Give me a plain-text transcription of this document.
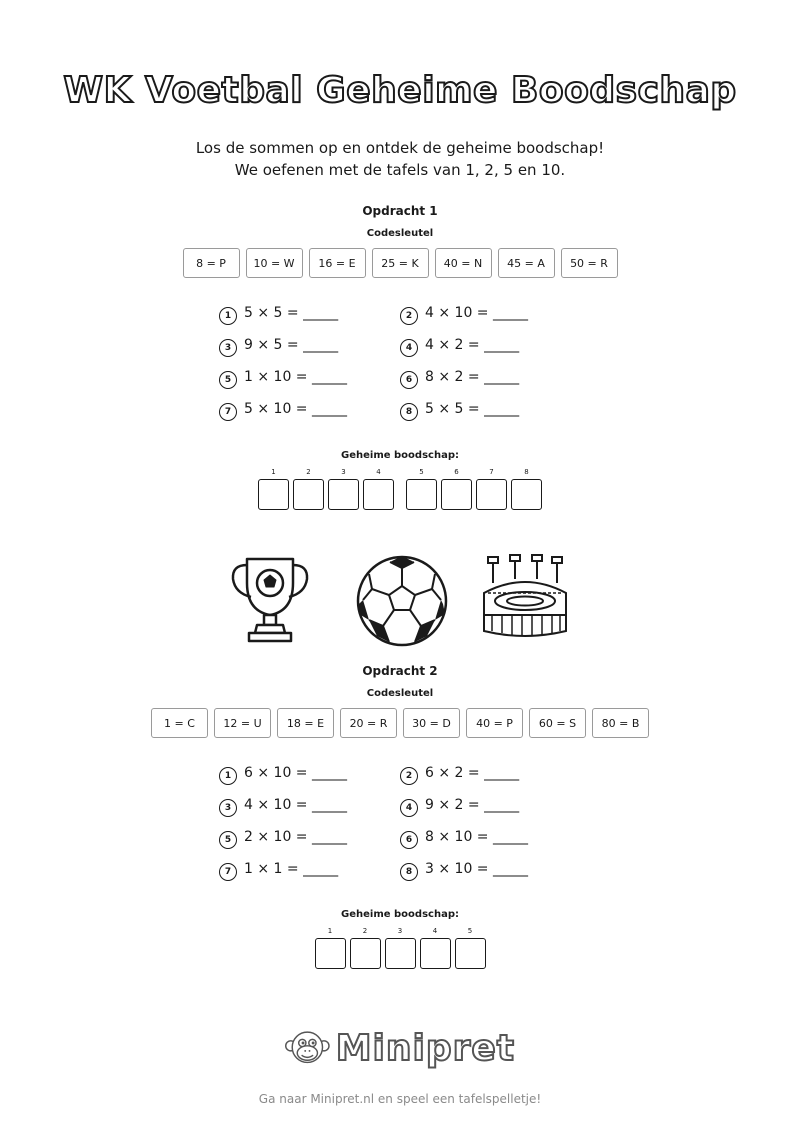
WK Voetbal Geheime Boodschap
Los de sommen op en ontdek de geheime boodschap!
We oefenen met de tafels van 1, 2, 5 en 10.
Opdracht 1
Codesleutel
8 = P	10 = W	16 = E	25 = K	40 = N	45 = A	50 = R
1 5 × 5 = _____	2 4 × 10 = _____
3 9 × 5 = _____	4 4 × 2 = _____
5 1 × 10 = _____	6 8 × 2 = _____
7 5 × 10 = _____	8 5 × 5 = _____
Geheime boodschap:
1	2	3	4	5	6	7	8
Opdracht 2
Codesleutel
1 = C	12 = U	18 = E	20 = R	30 = D	40 = P	60 = S	80 = B
1 6 × 10 = _____	2 6 × 2 = _____
3 4 × 10 = _____	4 9 × 2 = _____
5 2 × 10 = _____	6 8 × 10 = _____
7 1 × 1 = _____	8 3 × 10 = _____
Geheime boodschap:
1	2	3	4	5
Minipret
Ga naar Minipret.nl en speel een tafelspelletje!
